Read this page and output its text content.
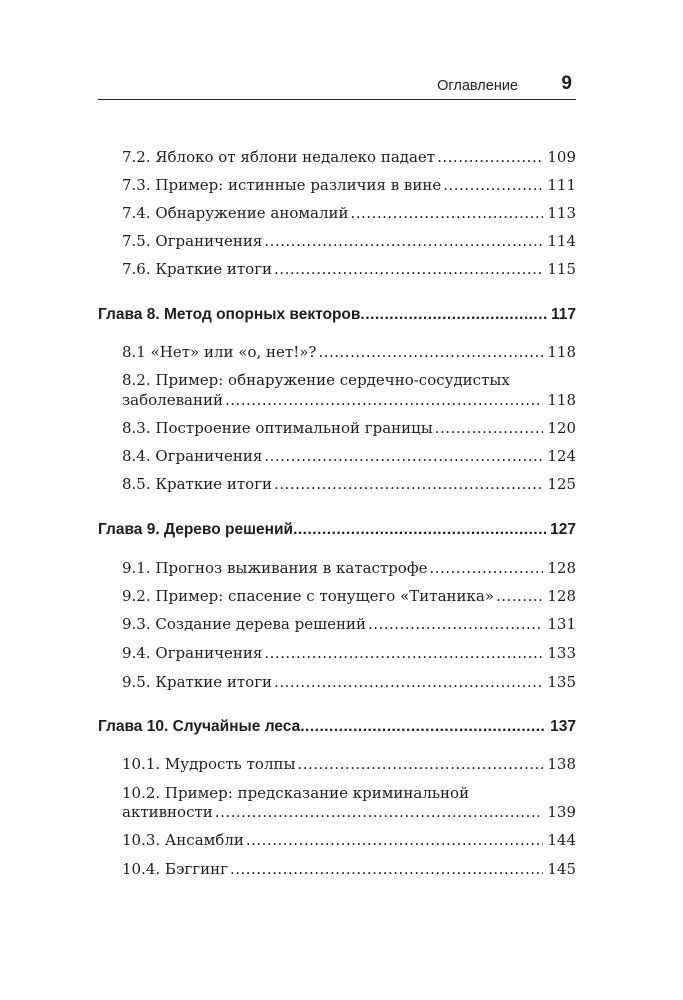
Оглавление 9
7.2. Яблоко от яблони недалеко падает .....	109
7.3. Пример: истинные различия в вине .....	111
7.4. Обнаружение аномалий .....	113
7.5. Ограничения .....	114
7.6. Краткие итоги .....	115
Глава 8. Метод опорных векторов .....	117
8.1 «Нет» или «о, нет!»? .....	118
8.2. Пример: обнаружение сердечно-сосудистых
заболеваний .....	118
8.3. Построение оптимальной границы .....	120
8.4. Ограничения .....	124
8.5. Краткие итоги .....	125
Глава 9. Дерево решений .....	127
9.1. Прогноз выживания в катастрофе .....	128
9.2. Пример: спасение с тонущего «Титаника» .....	128
9.3. Создание дерева решений .....	131
9.4. Ограничения .....	133
9.5. Краткие итоги .....	135
Глава 10. Случайные леса .....	137
10.1. Мудрость толпы .....	138
10.2. Пример: предсказание криминальной
активности .....	139
10.3. Ансамбли .....	144
10.4. Бэггинг .....	145
